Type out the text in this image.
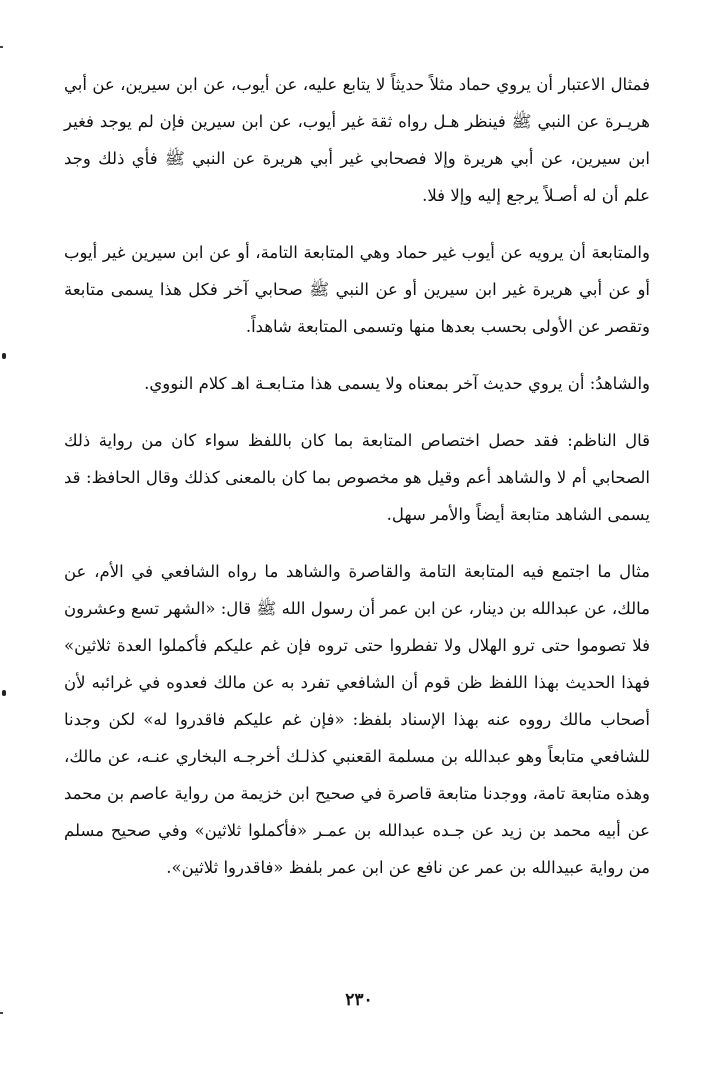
فمثال الاعتبار أن يروي حماد مثلاً حديثاً لا يتابع عليه، عن أيوب، عن ابن سيرين، عن أبي هريـرة عن النبي ﷺ فينظر هـل رواه ثقة غير أيوب، عن ابن سيرين فإن لم يوجد فغير ابن سيرين، عن أبي هريرة وإلا فصحابي غير أبي هريرة عن النبي ﷺ فأي ذلك وجد علم أن له أصـلاً يرجع إليه وإلا فلا.

والمتابعة أن يرويه عن أيوب غير حماد وهي المتابعة التامة، أو عن ابن سيرين غير أيوب أو عن أبي هريرة غير ابن سيرين أو عن النبي ﷺ صحابي آخر فكل هذا يسمى متابعة وتقصر عن الأولى بحسب بعدها منها وتسمى المتابعة شاهداً.

والشاهدُ: أن يروي حديث آخر بمعناه ولا يسمى هذا متـابعـة اهـ كلام النووي.

قال الناظم: فقد حصل اختصاص المتابعة بما كان باللفظ سواء كان من رواية ذلك الصحابي أم لا والشاهد أعم وقيل هو مخصوص بما كان بالمعنى كذلك وقال الحافظ: قد يسمى الشاهد متابعة أيضاً والأمر سهل.

مثال ما اجتمع فيه المتابعة التامة والقاصرة والشاهد ما رواه الشافعي في الأم، عن مالك، عن عبدالله بن دينار، عن ابن عمر أن رسول الله ﷺ قال: «الشهر تسع وعشرون فلا تصوموا حتى ترو الهلال ولا تفطروا حتى تروه فإن غم عليكم فأكملوا العدة ثلاثين» فهذا الحديث بهذا اللفظ ظن قوم أن الشافعي تفرد به عن مالك فعدوه في غرائبه لأن أصحاب مالك رووه عنه بهذا الإسناد بلفظ: «فإن غم عليكم فاقدروا له» لكن وجدنا للشافعي متابعاً وهو عبدالله بن مسلمة القعنبي كذلـك أخرجـه البخاري عنـه، عن مالك، وهذه متابعة تامة، ووجدنا متابعة قاصرة في صحيح ابن خزيمة من رواية عاصم بن محمد عن أبيه محمد بن زيد عن جـده عبدالله بن عمـر «فأكملوا ثلاثين» وفي صحيح مسلم من رواية عبيدالله بن عمر عن نافع عن ابن عمر بلفظ «فاقدروا ثلاثين».

٢٣٠
